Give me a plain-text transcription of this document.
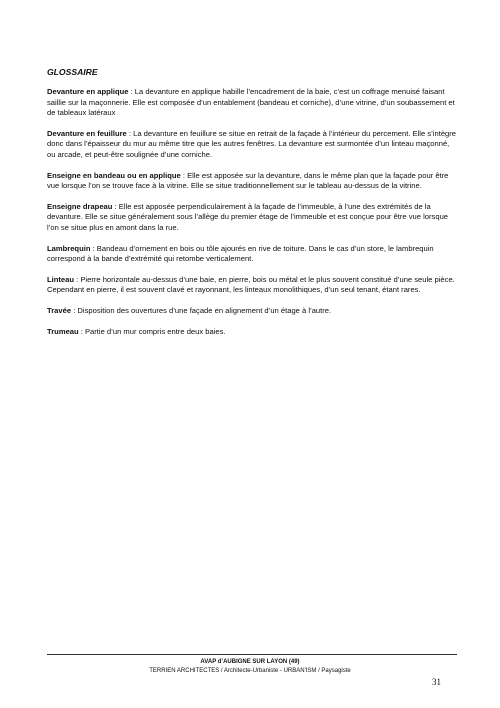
GLOSSAIRE

Devanture en applique : La devanture en applique habille l’encadrement de la baie, c’est un coffrage menuisé faisant saillie sur la maçonnerie. Elle est composée d’un entablement (bandeau et corniche), d’une vitrine, d’un soubassement et de tableaux latéraux

Devanture en feuillure : La devanture en feuillure se situe en retrait de la façade à l’intérieur du percement. Elle s’intègre donc dans l’épaisseur du mur au même titre que les autres fenêtres. La devanture est surmontée d’un linteau maçonné, ou arcade, et peut-être soulignée d’une corniche.

Enseigne en bandeau ou en applique : Elle est apposée sur la devanture, dans le même plan que la façade pour être vue lorsque l’on se trouve face à la vitrine. Elle se situe traditionnellement sur le tableau au-dessus de la vitrine.

Enseigne drapeau : Elle est apposée perpendiculairement à la façade de l’immeuble, à l’une des extrémités de la devanture. Elle se situe généralement sous l’allège du premier étage de l’immeuble et est conçue pour être vue lorsque l’on se situe plus en amont dans la rue.

Lambrequin : Bandeau d’ornement en bois ou tôle ajourés en rive de toiture. Dans le cas d’un store, le lambrequin correspond à la bande d’extrémité qui retombe verticalement.

Linteau : Pierre horizontale au-dessus d’une baie, en pierre, bois ou métal et le plus souvent constitué d’une seule pièce. Cependant en pierre, il est souvent clavé et rayonnant, les linteaux monolithiques, d’un seul tenant, étant rares.

Travée : Disposition des ouvertures d’une façade en alignement d’un étage à l’autre.

Trumeau : Partie d’un mur compris entre deux baies.

AVAP d’AUBIGNE SUR LAYON (49)
TERRIEN ARCHITECTES / Architecte-Urbaniste - URBAN'ISM / Paysagiste
31
